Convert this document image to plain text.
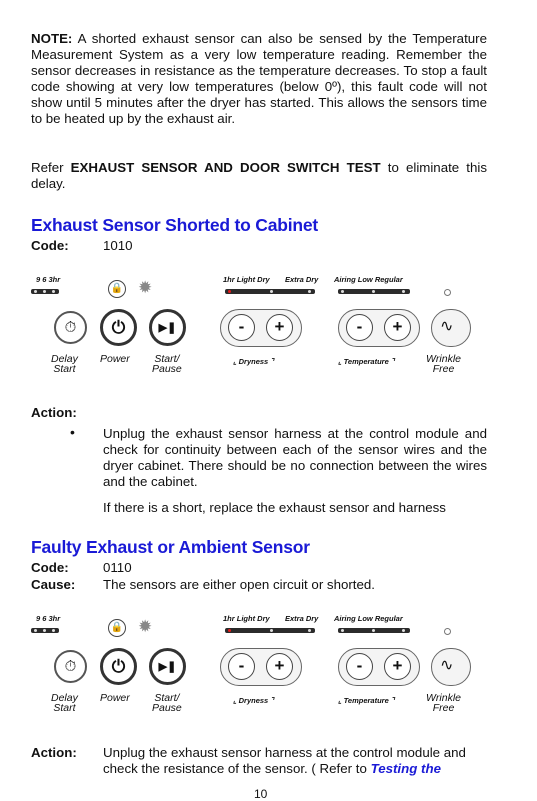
NOTE: A shorted exhaust sensor can also be sensed by the Temperature Measurement System as a very low temperature reading. Remember the sensor decreases in resistance as the temperature decreases. To stop a fault code showing at very low temperatures (below 0º), this fault code will not show until 5 minutes after the dryer has started. This allows the sensors time to be heated up by the exhaust air.
Refer EXHAUST SENSOR AND DOOR SWITCH TEST to eliminate this delay.
Exhaust Sensor Shorted to Cabinet
Code:	1010
9 6 3hr
🔒 ✹	1hr Light Dry Extra Dry Airing Low Regular
⏱ ⏻	▶❚	-	+	-	+	∿
Delay
Start
Power Start/
Pause
⌞ Dryness ⌝	⌞ Temperature ⌝	Wrinkle
Free
Action:
• Unplug the exhaust sensor harness at the control module and check for continuity between each of the sensor wires and the dryer cabinet. There should be no connection between the wires and the cabinet.
If there is a short, replace the exhaust sensor and harness
Faulty Exhaust or Ambient Sensor
Code:	0110
Cause: The sensors are either open circuit or shorted.
9 6 3hr
🔒 ✹	1hr Light Dry Extra Dry Airing Low Regular
⏱ ⏻	▶❚	-	+	-	+	∿
Delay
Start
Power Start/
Pause
⌞ Dryness ⌝	⌞ Temperature ⌝	Wrinkle
Free
Action: Unplug the exhaust sensor harness at the control module and check the resistance of the sensor. ( Refer to Testing the
10
